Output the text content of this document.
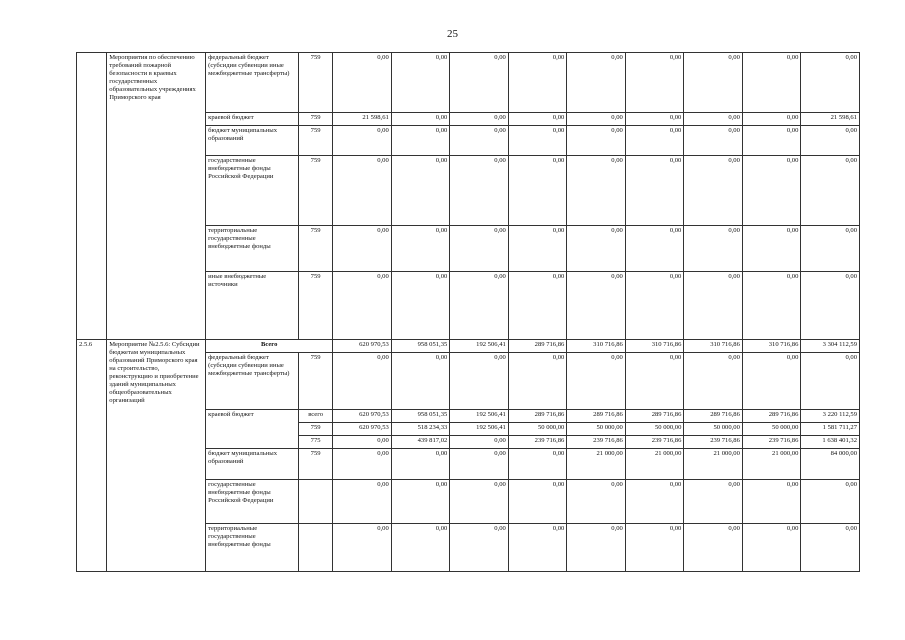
25
	Мероприятия по обеспечению требований пожарной безопасности в краевых государственных образовательных учреждениях Приморского края	федеральный бюджет (субсидии субвенции иные межбюджетные трансферты)	759	0,00	0,00	0,00	0,00	0,00	0,00	0,00	0,00	0,00
		краевой бюджет	759	21 598,61	0,00	0,00	0,00	0,00	0,00	0,00	0,00	21 598,61
		бюджет муниципальных образований	759	0,00	0,00	0,00	0,00	0,00	0,00	0,00	0,00	0,00
		государственные внебюджетные фонды Российской Федерации	759	0,00	0,00	0,00	0,00	0,00	0,00	0,00	0,00	0,00
		территориальные государственные внебюджетные фонды	759	0,00	0,00	0,00	0,00	0,00	0,00	0,00	0,00	0,00
		иные внебюджетные источники	759	0,00	0,00	0,00	0,00	0,00	0,00	0,00	0,00	0,00
2.5.6	Мероприятие №2.5.6: Субсидии бюджетам муниципальных образований Приморского края на строительство, реконструкцию и приобретение зданий муниципальных общеобразовательных организаций	Всего		620 970,53	958 051,35	192 506,41	289 716,86	310 716,86	310 716,86	310 716,86	310 716,86	3 304 112,59
		федеральный бюджет (субсидии субвенции иные межбюджетные трансферты)	759	0,00	0,00	0,00	0,00	0,00	0,00	0,00	0,00	0,00
		краевой бюджет	всего	620 970,53	958 051,35	192 506,41	289 716,86	289 716,86	289 716,86	289 716,86	289 716,86	3 220 112,59
			759	620 970,53	518 234,33	192 506,41	50 000,00	50 000,00	50 000,00	50 000,00	50 000,00	1 581 711,27
			775	0,00	439 817,02	0,00	239 716,86	239 716,86	239 716,86	239 716,86	239 716,86	1 638 401,32
		бюджет муниципальных образований	759	0,00	0,00	0,00	0,00	21 000,00	21 000,00	21 000,00	21 000,00	84 000,00
		государственные внебюджетные фонды Российской Федерации		0,00	0,00	0,00	0,00	0,00	0,00	0,00	0,00	0,00
		территориальные государственные внебюджетные фонды		0,00	0,00	0,00	0,00	0,00	0,00	0,00	0,00	0,00
